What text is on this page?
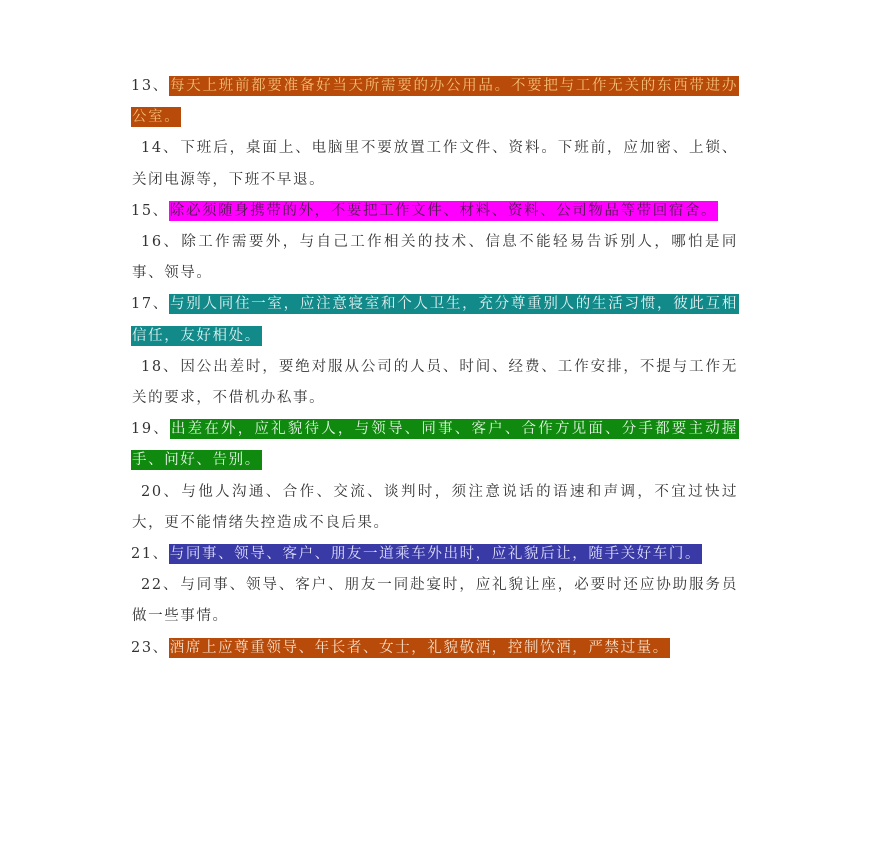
13、每天上班前都要准备好当天所需要的办公用品。不要把与工作无关的东西带进办公室。

14、下班后，桌面上、电脑里不要放置工作文件、资料。下班前，应加密、上锁、关闭电源等，下班不早退。

15、除必须随身携带的外，不要把工作文件、材料、资料、公司物品等带回宿舍。

16、除工作需要外，与自己工作相关的技术、信息不能轻易告诉别人，哪怕是同事、领导。

17、与别人同住一室，应注意寝室和个人卫生，充分尊重别人的生活习惯，彼此互相信任，友好相处。

18、因公出差时，要绝对服从公司的人员、时间、经费、工作安排，不提与工作无关的要求，不借机办私事。

19、出差在外，应礼貌待人，与领导、同事、客户、合作方见面、分手都要主动握手、问好、告别。

20、与他人沟通、合作、交流、谈判时，须注意说话的语速和声调，不宜过快过大，更不能情绪失控造成不良后果。

21、与同事、领导、客户、朋友一道乘车外出时，应礼貌后让，随手关好车门。

22、与同事、领导、客户、朋友一同赴宴时，应礼貌让座，必要时还应协助服务员做一些事情。

23、酒席上应尊重领导、年长者、女士，礼貌敬酒，控制饮酒，严禁过量。
